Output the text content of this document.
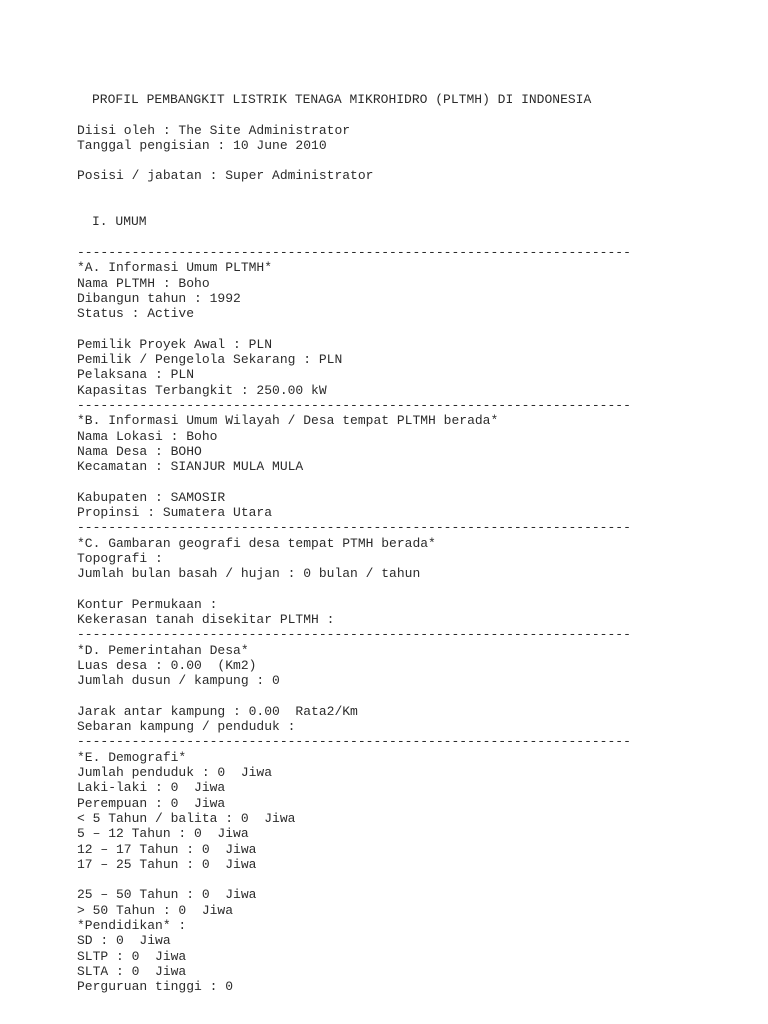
PROFIL PEMBANGKIT LISTRIK TENAGA MIKROHIDRO (PLTMH) DI INDONESIA
Diisi oleh : The Site Administrator
Tanggal pengisian : 10 June 2010
Posisi / jabatan : Super Administrator
I. UMUM
-----------------------------------------------------------------------
*A. Informasi Umum PLTMH*
Nama PLTMH : Boho
Dibangun tahun : 1992
Status : Active
Pemilik Proyek Awal : PLN
Pemilik / Pengelola Sekarang : PLN
Pelaksana : PLN
Kapasitas Terbangkit : 250.00 kW
-----------------------------------------------------------------------
*B. Informasi Umum Wilayah / Desa tempat PLTMH berada*
Nama Lokasi : Boho
Nama Desa : BOHO
Kecamatan : SIANJUR MULA MULA
Kabupaten : SAMOSIR
Propinsi : Sumatera Utara
-----------------------------------------------------------------------
*C. Gambaran geografi desa tempat PTMH berada*
Topografi :
Jumlah bulan basah / hujan : 0 bulan / tahun
Kontur Permukaan :
Kekerasan tanah disekitar PLTMH :
-----------------------------------------------------------------------
*D. Pemerintahan Desa*
Luas desa : 0.00  (Km2)
Jumlah dusun / kampung : 0
Jarak antar kampung : 0.00  Rata2/Km
Sebaran kampung / penduduk :
-----------------------------------------------------------------------
*E. Demografi*
Jumlah penduduk : 0  Jiwa
Laki-laki : 0  Jiwa
Perempuan : 0  Jiwa
< 5 Tahun / balita : 0  Jiwa
5 – 12 Tahun : 0  Jiwa
12 – 17 Tahun : 0  Jiwa
17 – 25 Tahun : 0  Jiwa
25 – 50 Tahun : 0  Jiwa
> 50 Tahun : 0  Jiwa
*Pendidikan* :
SD : 0  Jiwa
SLTP : 0  Jiwa
SLTA : 0  Jiwa
Perguruan tinggi : 0
